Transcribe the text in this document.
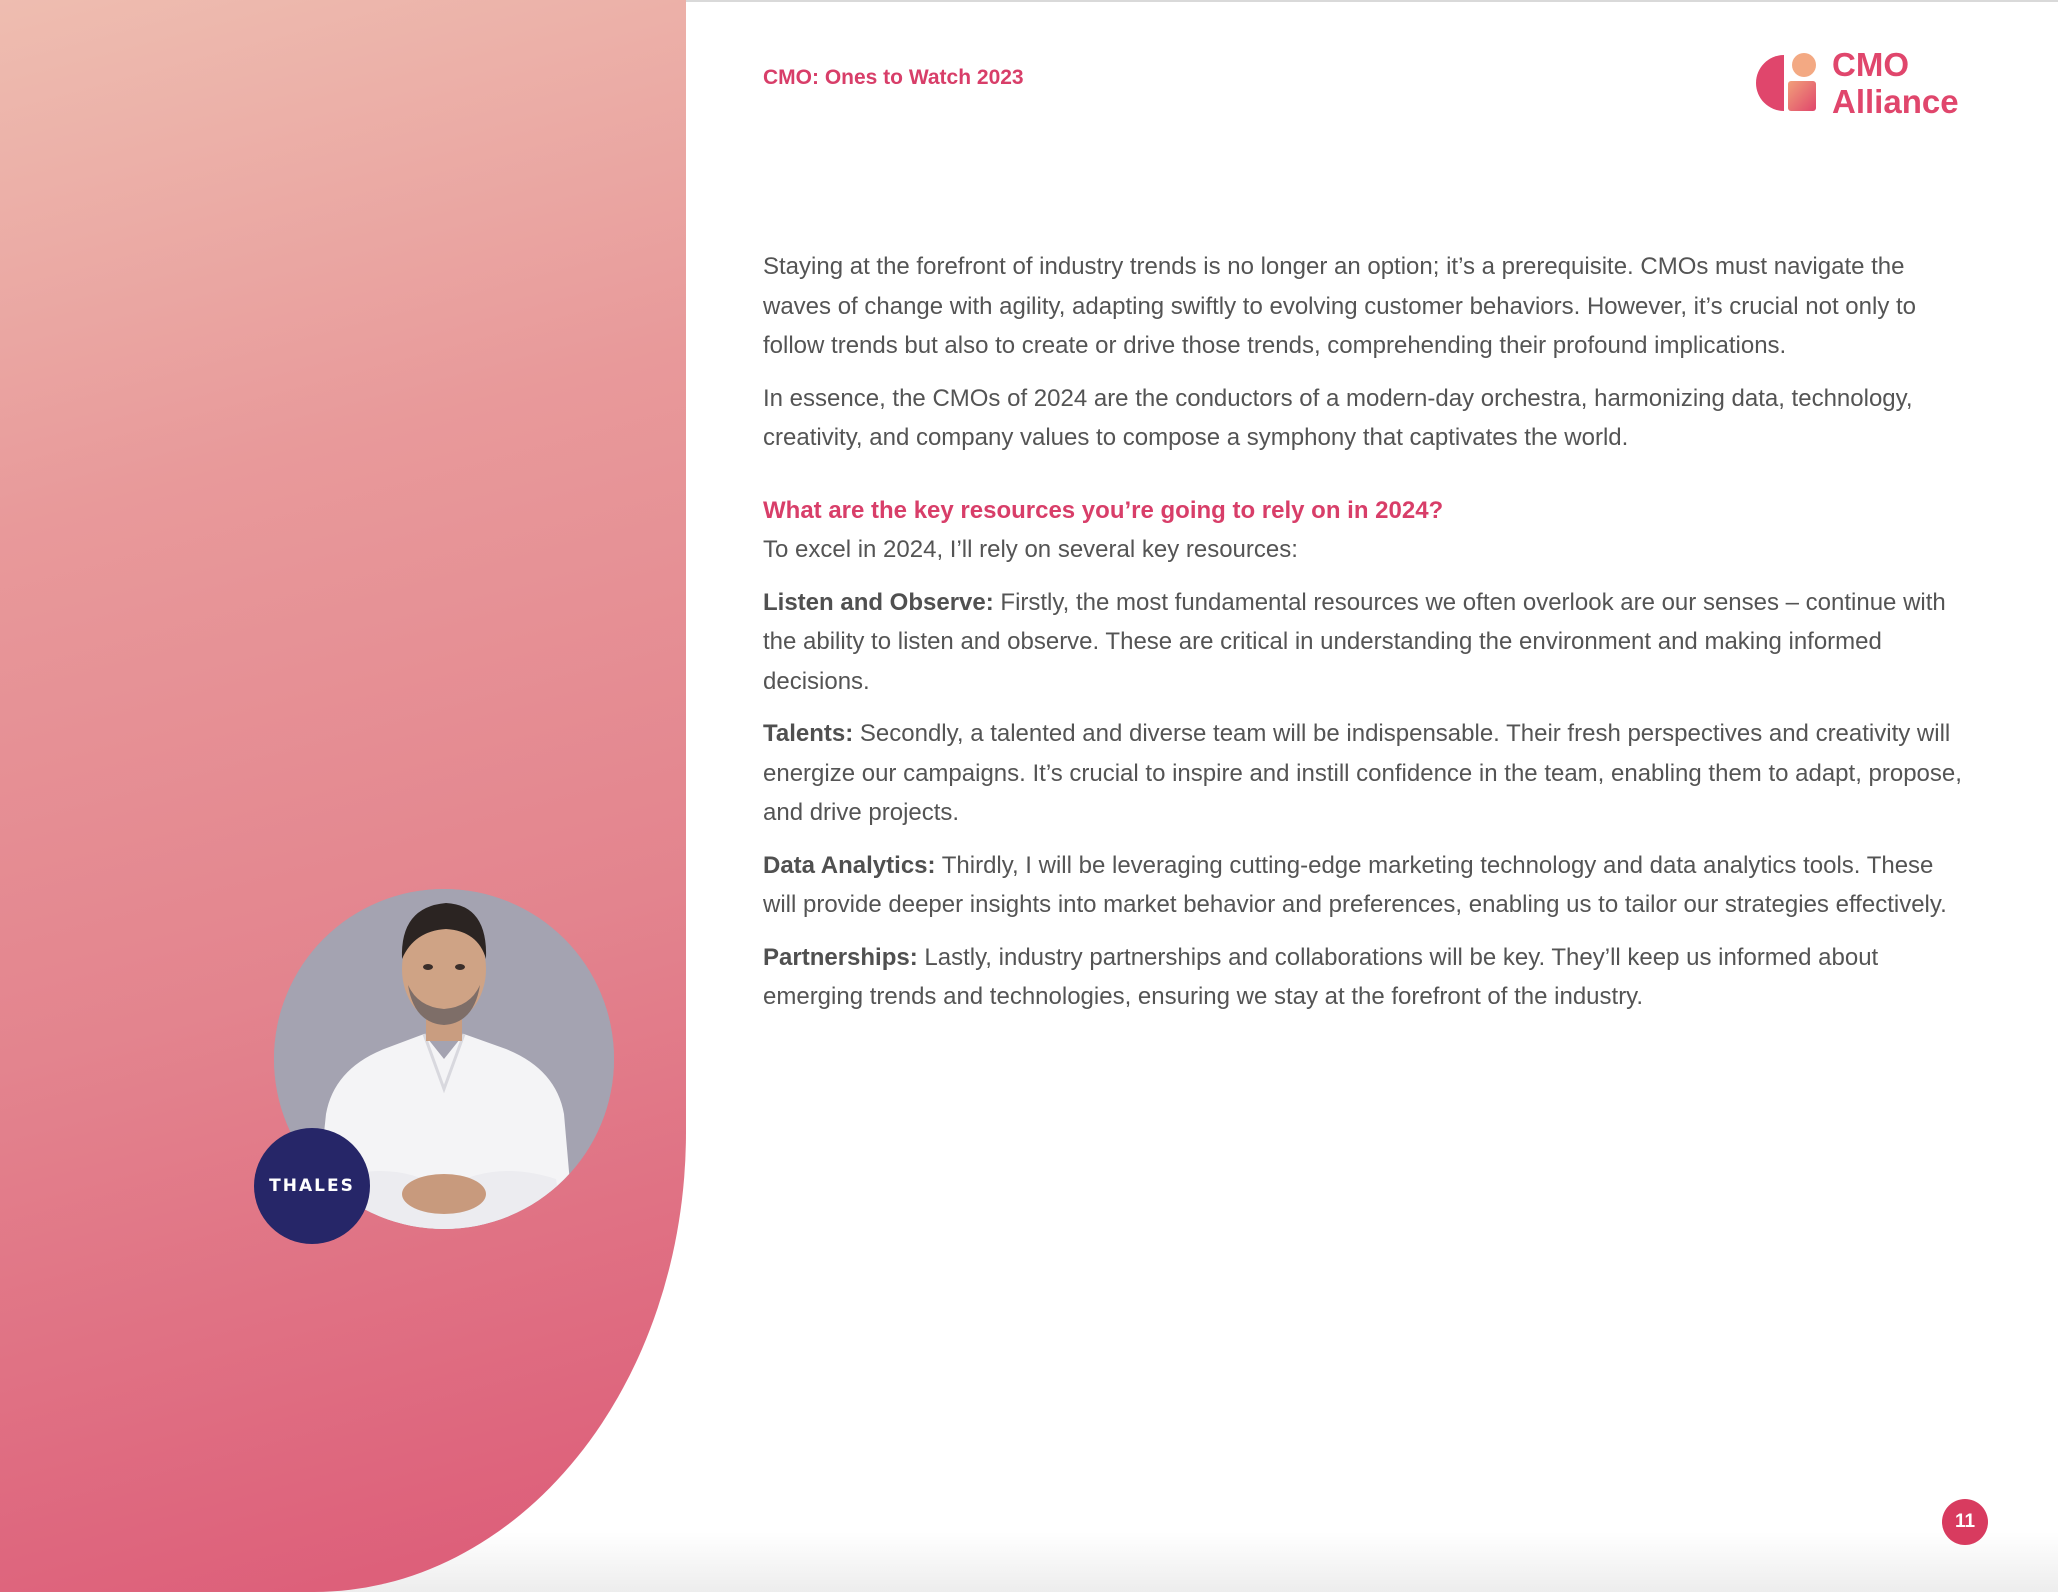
THALES
CMO: Ones to Watch 2023	CMO
Alliance

Staying at the forefront of industry trends is no longer an option; it’s a prerequisite. CMOs must navigate the waves of change with agility, adapting swiftly to evolving customer behaviors. However, it’s crucial not only to follow trends but also to create or drive those trends, comprehending their profound implications.

In essence, the CMOs of 2024 are the conductors of a modern-day orchestra, harmonizing data, technology, creativity, and company values to compose a symphony that captivates the world.

What are the key resources you’re going to rely on in 2024?

To excel in 2024, I’ll rely on several key resources:

Listen and Observe: Firstly, the most fundamental resources we often overlook are our senses – continue with the ability to listen and observe. These are critical in understanding the environment and making informed decisions.

Talents: Secondly, a talented and diverse team will be indispensable. Their fresh perspectives and creativity will energize our campaigns. It’s crucial to inspire and instill confidence in the team, enabling them to adapt, propose, and drive projects.

Data Analytics: Thirdly, I will be leveraging cutting-edge marketing technology and data analytics tools. These will provide deeper insights into market behavior and preferences, enabling us to tailor our strategies effectively.

Partnerships: Lastly, industry partnerships and collaborations will be key. They’ll keep us informed about emerging trends and technologies, ensuring we stay at the forefront of the industry.

11
